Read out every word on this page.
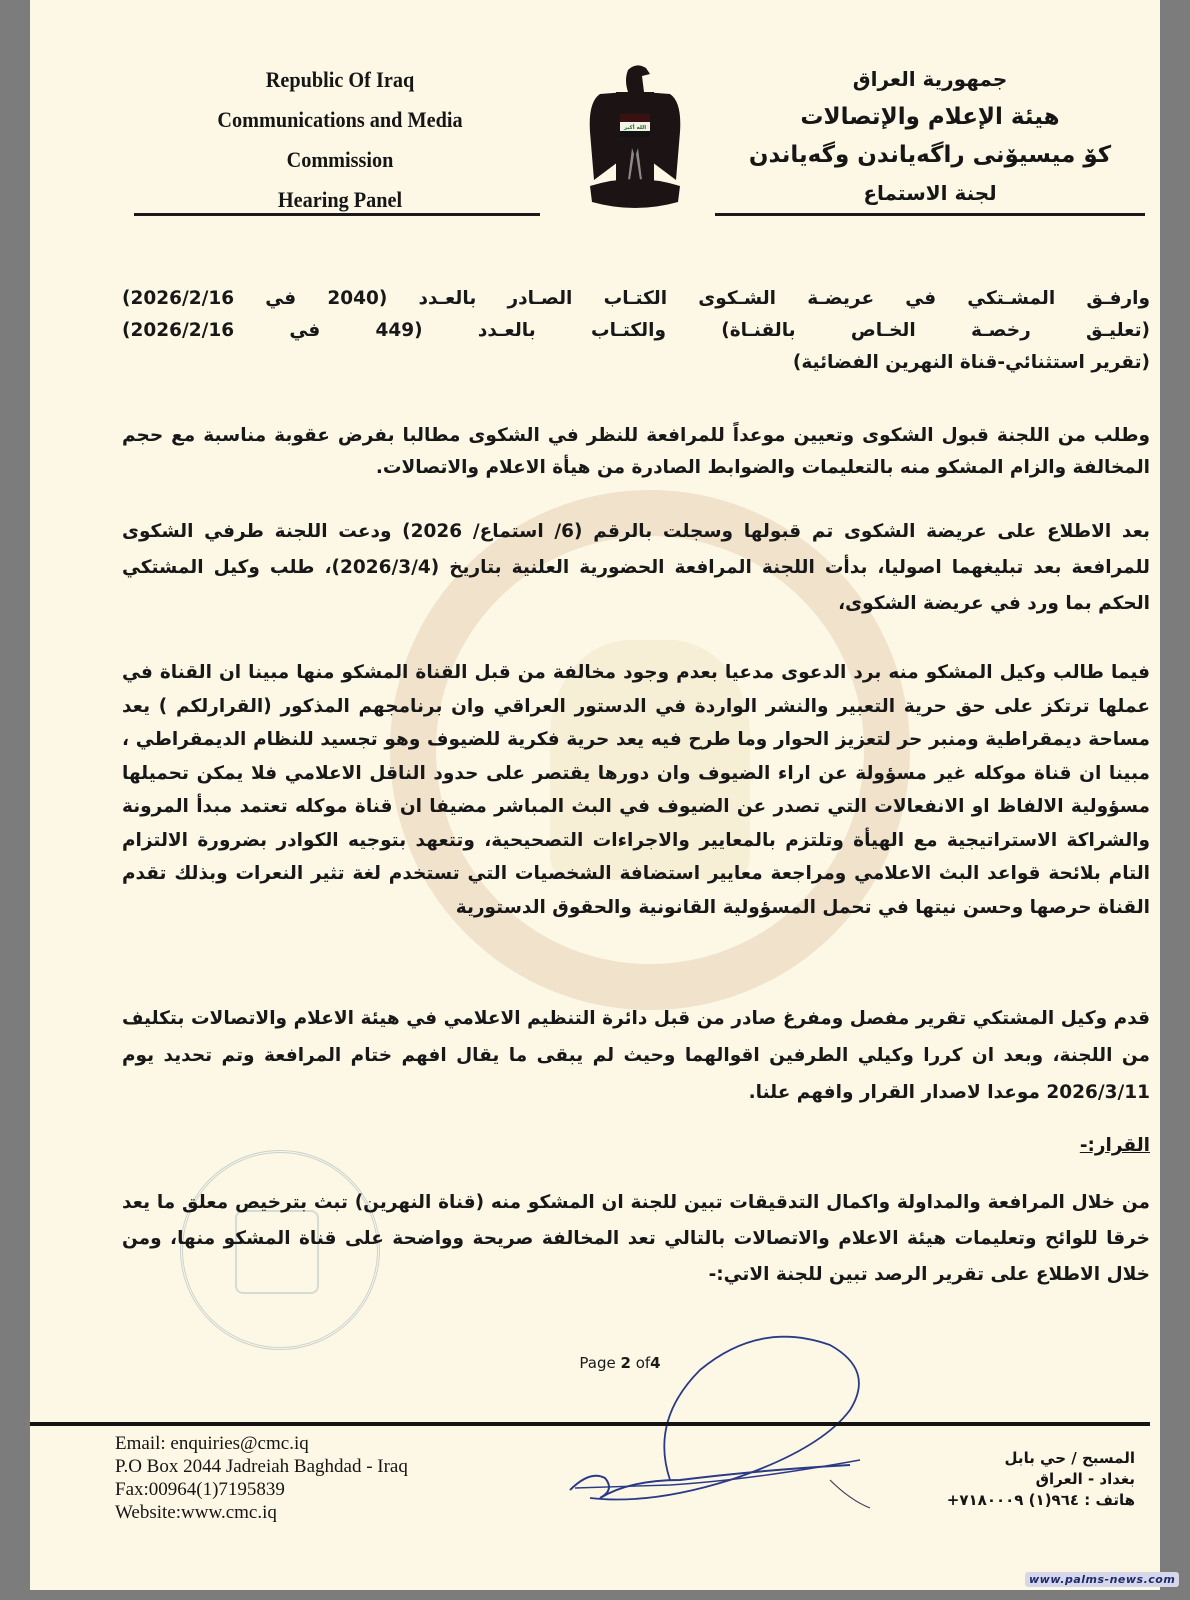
Republic Of Iraq
Communications and Media
Commission
Hearing Panel
الله أكبر
جمهورية العراق
هيئة الإعلام والإتصالات
كۆ میسیۆنی راگه‌یاندن وگه‌یاندن
لجنة الاستماع
وارفـق المشـتكي في عريضـة الشـكوى الكتـاب الصـادر بالعـدد (2040 في 2026/2/16)
(تعليـق رخصـة الخـاص بالقنـاة) والكتـاب بالعـدد (449 في 2026/2/16)
(تقرير استثنائي-قناة النهرين الفضائية)
وطلب من اللجنة قبول الشكوى وتعيين موعداً للمرافعة للنظر في الشكوى مطالبا بفرض عقوبة مناسبة مع حجم المخالفة والزام المشكو منه بالتعليمات والضوابط الصادرة من هيأة الاعلام والاتصالات.
بعد الاطلاع على عريضة الشكوى تم قبولها وسجلت بالرقم (6/ استماع/ 2026) ودعت اللجنة طرفي الشكوى للمرافعة بعد تبليغهما اصوليا، بدأت اللجنة المرافعة الحضورية العلنية بتاريخ (2026/3/4)، طلب وكيل المشتكي الحكم بما ورد في عريضة الشكوى،
فيما طالب وكيل المشكو منه برد الدعوى مدعيا بعدم وجود مخالفة من قبل القناة المشكو منها مبينا ان القناة في عملها ترتكز على حق حرية التعبير والنشر الواردة في الدستور العراقي وان برنامجهم المذكور (القرارلكم ) يعد مساحة ديمقراطية ومنبر حر لتعزيز الحوار وما طرح فيه يعد حرية فكرية للضيوف وهو تجسيد للنظام الديمقراطي ، مبينا ان قناة موكله غير مسؤولة عن اراء الضيوف وان دورها يقتصر على حدود الناقل الاعلامي فلا يمكن تحميلها مسؤولية الالفاظ او الانفعالات التي تصدر عن الضيوف في البث المباشر مضيفا ان قناة موكله تعتمد مبدأ المرونة والشراكة الاستراتيجية مع الهيأة وتلتزم بالمعايير والاجراءات التصحيحية، وتتعهد بتوجيه الكوادر بضرورة الالتزام التام بلائحة قواعد البث الاعلامي ومراجعة معايير استضافة الشخصيات التي تستخدم لغة تثير النعرات وبذلك تقدم القناة حرصها وحسن نيتها في تحمل المسؤولية القانونية والحقوق الدستورية
قدم وكيل المشتكي تقرير مفصل ومفرغ صادر من قبل دائرة التنظيم الاعلامي في هيئة الاعلام والاتصالات بتكليف من اللجنة، وبعد ان كررا وكيلي الطرفين اقوالهما وحيث لم يبقى ما يقال افهم ختام المرافعة وتم تحديد يوم 2026/3/11 موعدا لاصدار القرار وافهم علنا.
القرار:-
من خلال المرافعة والمداولة واكمال التدقيقات تبين للجنة ان المشكو منه (قناة النهرين) تبث بترخيص معلق ما يعد خرقا للوائح وتعليمات هيئة الاعلام والاتصالات بالتالي تعد المخالفة صريحة وواضحة على قناة المشكو منها، ومن خلال الاطلاع على تقرير الرصد تبين للجنة الاتي:-
Page 2 of4
Email: enquiries@cmc.iq
P.O Box 2044 Jadreiah Baghdad - Iraq
Fax:00964(1)7195839
Website:www.cmc.iq
المسبح / حي بابل
بغداد - العراق
هاتف : +٩٦٤(١) ٧١٨٠٠٠٩
www.palms-news.com
